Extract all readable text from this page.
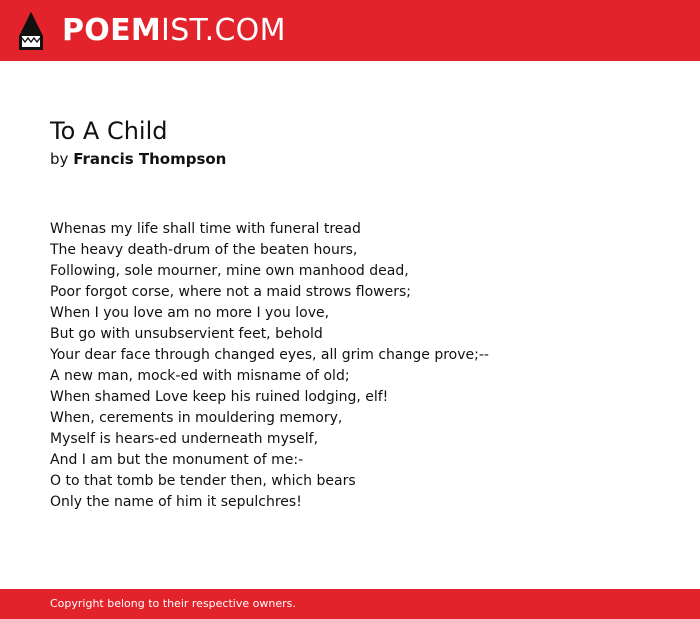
POEMIST.COM
To A Child
by Francis Thompson
Whenas my life shall time with funeral tread
The heavy death-drum of the beaten hours,
Following, sole mourner, mine own manhood dead,
Poor forgot corse, where not a maid strows flowers;
When I you love am no more I you love,
But go with unsubservient feet, behold
Your dear face through changed eyes, all grim change prove;--
A new man, mock-ed with misname of old;
When shamed Love keep his ruined lodging, elf!
When, cerements in mouldering memory,
Myself is hears-ed underneath myself,
And I am but the monument of me:-
O to that tomb be tender then, which bears
Only the name of him it sepulchres!
Copyright belong to their respective owners.
